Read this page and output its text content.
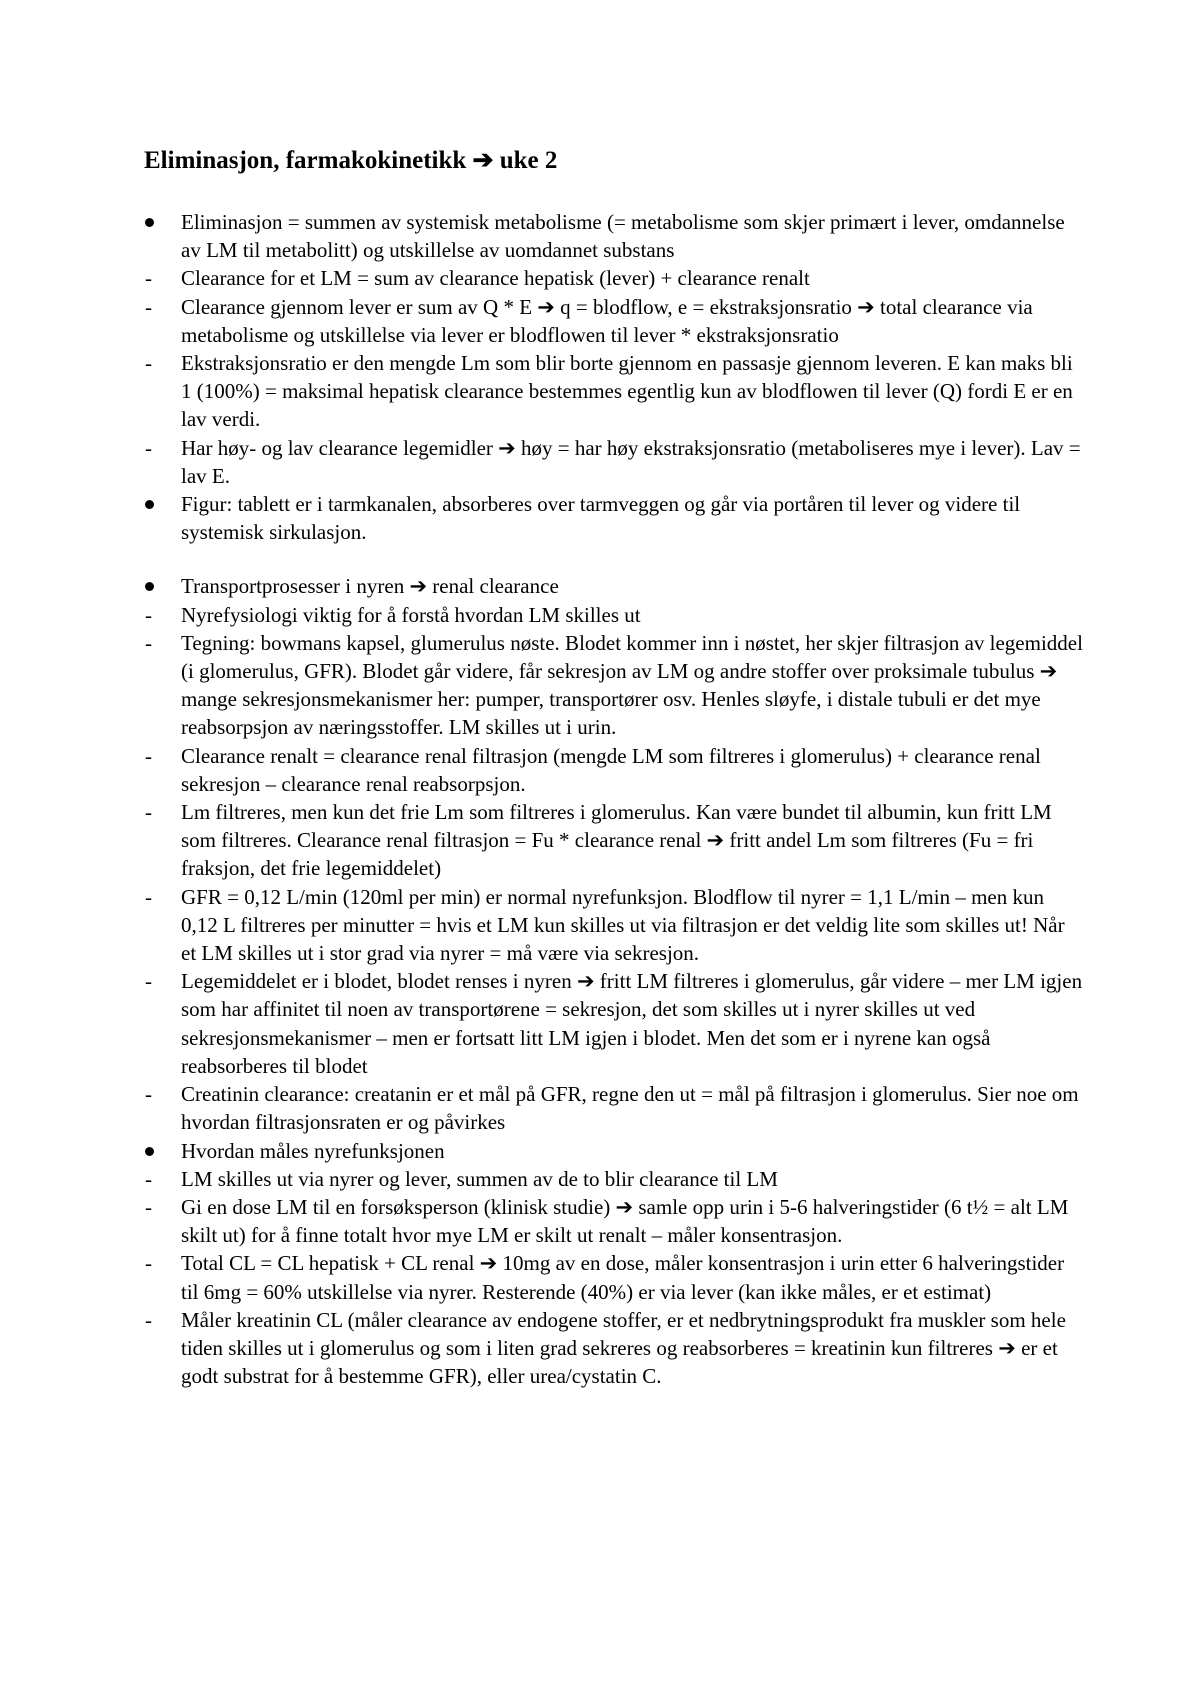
Eliminasjon, farmakokinetikk ➔ uke 2
Eliminasjon = summen av systemisk metabolisme (= metabolisme som skjer primært i lever, omdannelse av LM til metabolitt) og utskillelse av uomdannet substans
Clearance for et LM = sum av clearance hepatisk (lever) + clearance renalt
Clearance gjennom lever er sum av Q * E ➔ q = blodflow, e = ekstraksjonsratio ➔ total clearance via metabolisme og utskillelse via lever er blodflowen til lever * ekstraksjonsratio
Ekstraksjonsratio er den mengde Lm som blir borte gjennom en passasje gjennom leveren. E kan maks bli 1 (100%) = maksimal hepatisk clearance bestemmes egentlig kun av blodflowen til lever (Q) fordi E er en lav verdi.
Har høy- og lav clearance legemidler ➔ høy = har høy ekstraksjonsratio (metaboliseres mye i lever). Lav = lav E.
Figur: tablett er i tarmkanalen, absorberes over tarmveggen og går via portåren til lever og videre til systemisk sirkulasjon.
Transportprosesser i nyren ➔ renal clearance
Nyrefysiologi viktig for å forstå hvordan LM skilles ut
Tegning: bowmans kapsel, glumerulus nøste. Blodet kommer inn i nøstet, her skjer filtrasjon av legemiddel (i glomerulus, GFR). Blodet går videre, får sekresjon av LM og andre stoffer over proksimale tubulus ➔ mange sekresjonsmekanismer her: pumper, transportører osv. Henles sløyfe, i distale tubuli er det mye reabsorpsjon av næringsstoffer. LM skilles ut i urin.
Clearance renalt = clearance renal filtrasjon (mengde LM som filtreres i glomerulus) + clearance renal sekresjon – clearance renal reabsorpsjon.
Lm filtreres, men kun det frie Lm som filtreres i glomerulus. Kan være bundet til albumin, kun fritt LM som filtreres. Clearance renal filtrasjon = Fu * clearance renal ➔ fritt andel Lm som filtreres (Fu = fri fraksjon, det frie legemiddelet)
GFR = 0,12 L/min (120ml per min) er normal nyrefunksjon. Blodflow til nyrer = 1,1 L/min – men kun 0,12 L filtreres per minutter = hvis et LM kun skilles ut via filtrasjon er det veldig lite som skilles ut! Når et LM skilles ut i stor grad via nyrer = må være via sekresjon.
Legemiddelet er i blodet, blodet renses i nyren ➔ fritt LM filtreres i glomerulus, går videre – mer LM igjen som har affinitet til noen av transportørene = sekresjon, det som skilles ut i nyrer skilles ut ved sekresjonsmekanismer – men er fortsatt litt LM igjen i blodet. Men det som er i nyrene kan også reabsorberes til blodet
Creatinin clearance: creatanin er et mål på GFR, regne den ut = mål på filtrasjon i glomerulus. Sier noe om hvordan filtrasjonsraten er og påvirkes
Hvordan måles nyrefunksjonen
LM skilles ut via nyrer og lever, summen av de to blir clearance til LM
Gi en dose LM til en forsøksperson (klinisk studie) ➔ samle opp urin i 5-6 halveringstider (6 t½ = alt LM skilt ut) for å finne totalt hvor mye LM er skilt ut renalt – måler konsentrasjon.
Total CL = CL hepatisk + CL renal ➔ 10mg av en dose, måler konsentrasjon i urin etter 6 halveringstider til 6mg = 60% utskillelse via nyrer. Resterende (40%) er via lever (kan ikke måles, er et estimat)
Måler kreatinin CL (måler clearance av endogene stoffer, er et nedbrytningsprodukt fra muskler som hele tiden skilles ut i glomerulus og som i liten grad sekreres og reabsorberes = kreatinin kun filtreres ➔ er et godt substrat for å bestemme GFR), eller urea/cystatin C.
